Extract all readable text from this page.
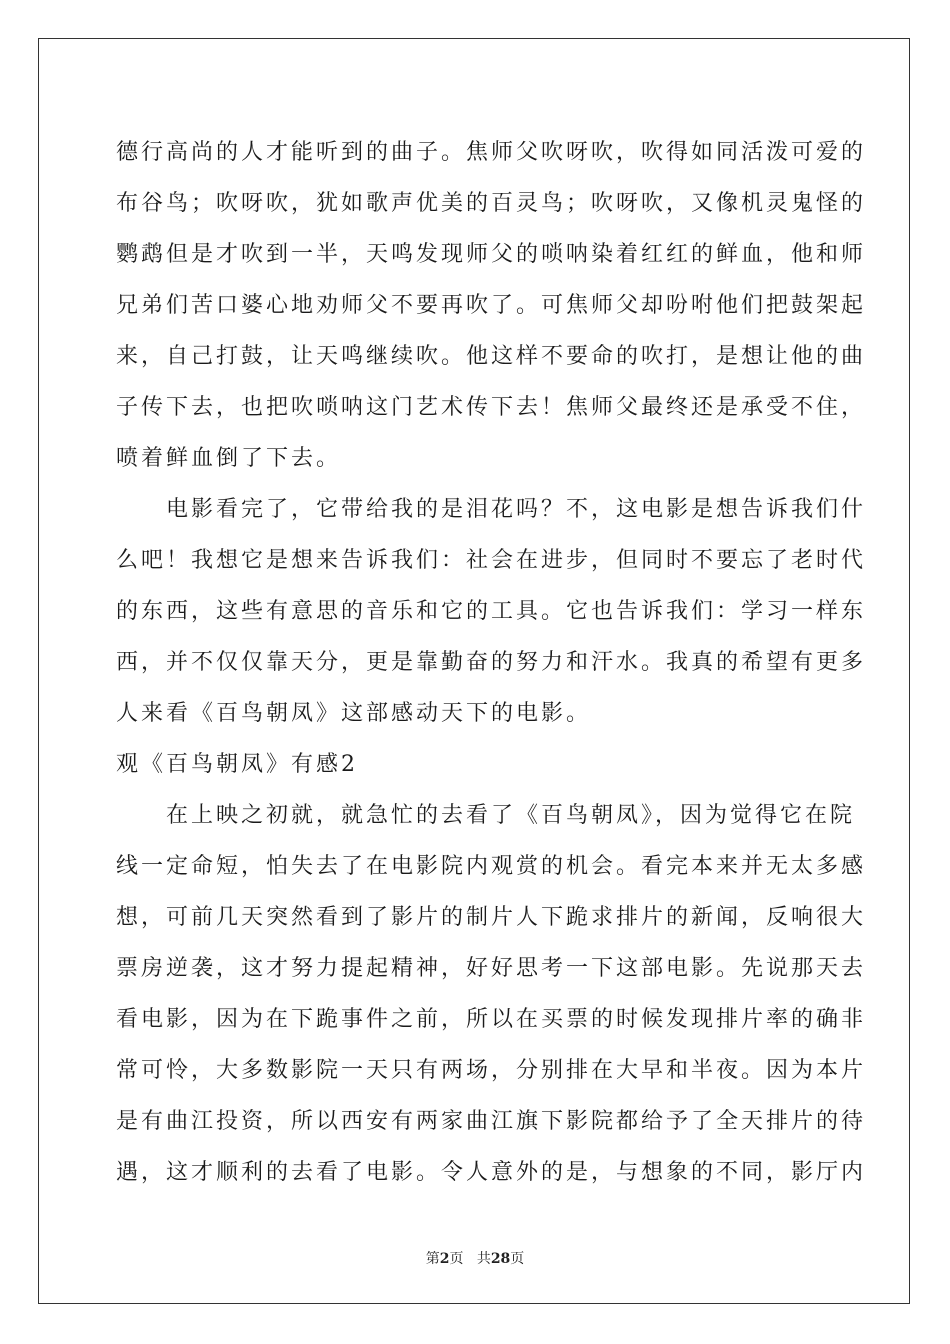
德行高尚的人才能听到的曲子。焦师父吹呀吹，吹得如同活泼可爱的
布谷鸟；吹呀吹，犹如歌声优美的百灵鸟；吹呀吹，又像机灵鬼怪的
鹦鹉但是才吹到一半，天鸣发现师父的唢呐染着红红的鲜血，他和师
兄弟们苦口婆心地劝师父不要再吹了。可焦师父却吩咐他们把鼓架起
来，自己打鼓，让天鸣继续吹。他这样不要命的吹打，是想让他的曲
子传下去，也把吹唢呐这门艺术传下去！焦师父最终还是承受不住，
喷着鲜血倒了下去。
电影看完了，它带给我的是泪花吗？不，这电影是想告诉我们什
么吧！我想它是想来告诉我们：社会在进步，但同时不要忘了老时代
的东西，这些有意思的音乐和它的工具。它也告诉我们：学习一样东
西，并不仅仅靠天分，更是靠勤奋的努力和汗水。我真的希望有更多
人来看《百鸟朝凤》这部感动天下的电影。
观《百鸟朝凤》有感2
在上映之初就，就急忙的去看了《百鸟朝凤》，因为觉得它在院
线一定命短，怕失去了在电影院内观赏的机会。看完本来并无太多感
想，可前几天突然看到了影片的制片人下跪求排片的新闻，反响很大
票房逆袭，这才努力提起精神，好好思考一下这部电影。先说那天去
看电影，因为在下跪事件之前，所以在买票的时候发现排片率的确非
常可怜，大多数影院一天只有两场，分别排在大早和半夜。因为本片
是有曲江投资，所以西安有两家曲江旗下影院都给予了全天排片的待
遇，这才顺利的去看了电影。令人意外的是，与想象的不同，影厅内
第2页 共28页
